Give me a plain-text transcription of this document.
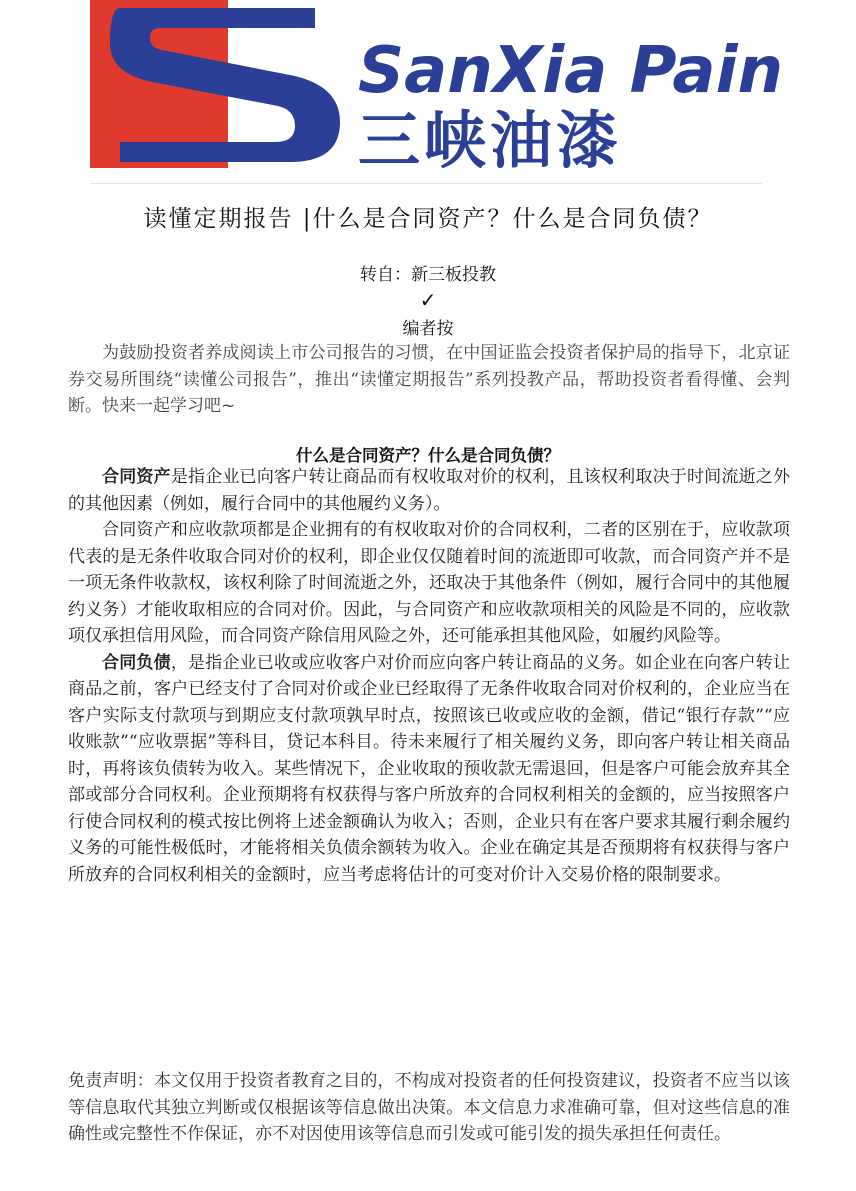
SanXia Paint
三峡油漆
读懂定期报告 |什么是合同资产？什么是合同负债？
转自：新三板投教
✓
编者按

为鼓励投资者养成阅读上市公司报告的习惯，在中国证监会投资者保护局的指导下，北京证券交易所围绕“读懂公司报告”，推出“读懂定期报告”系列投教产品，帮助投资者看得懂、会判断。快来一起学习吧~

什么是合同资产？什么是合同负债？

合同资产是指企业已向客户转让商品而有权收取对价的权利，且该权利取决于时间流逝之外的其他因素（例如，履行合同中的其他履约义务）。

合同资产和应收款项都是企业拥有的有权收取对价的合同权利，二者的区别在于，应收款项代表的是无条件收取合同对价的权利，即企业仅仅随着时间的流逝即可收款，而合同资产并不是一项无条件收款权，该权利除了时间流逝之外，还取决于其他条件（例如，履行合同中的其他履约义务）才能收取相应的合同对价。因此，与合同资产和应收款项相关的风险是不同的，应收款项仅承担信用风险，而合同资产除信用风险之外，还可能承担其他风险，如履约风险等。

合同负债，是指企业已收或应收客户对价而应向客户转让商品的义务。如企业在向客户转让商品之前，客户已经支付了合同对价或企业已经取得了无条件收取合同对价权利的，企业应当在客户实际支付款项与到期应支付款项孰早时点，按照该已收或应收的金额，借记“银行存款”“应收账款”“应收票据”等科目，贷记本科目。待未来履行了相关履约义务，即向客户转让相关商品时，再将该负债转为收入。某些情况下，企业收取的预收款无需退回，但是客户可能会放弃其全部或部分合同权利。企业预期将有权获得与客户所放弃的合同权利相关的金额的，应当按照客户行使合同权利的模式按比例将上述金额确认为收入；否则，企业只有在客户要求其履行剩余履约义务的可能性极低时，才能将相关负债余额转为收入。企业在确定其是否预期将有权获得与客户所放弃的合同权利相关的金额时，应当考虑将估计的可变对价计入交易价格的限制要求。

免责声明：本文仅用于投资者教育之目的，不构成对投资者的任何投资建议，投资者不应当以该等信息取代其独立判断或仅根据该等信息做出决策。本文信息力求准确可靠，但对这些信息的准确性或完整性不作保证，亦不对因使用该等信息而引发或可能引发的损失承担任何责任。
